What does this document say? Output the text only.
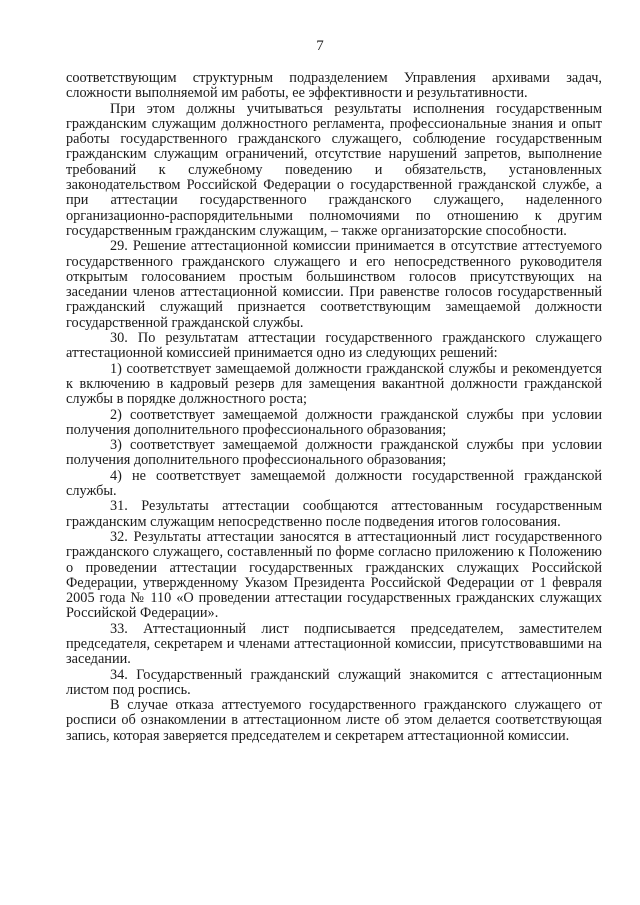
7

соответствующим структурным подразделением Управления архивами задач, сложности выполняемой им работы, ее эффективности и результативности.

При этом должны учитываться результаты исполнения государственным гражданским служащим должностного регламента, профессиональные знания и опыт работы государственного гражданского служащего, соблюдение государственным гражданским служащим ограничений, отсутствие нарушений запретов, выполнение требований к служебному поведению и обязательств, установленных законодательством Российской Федерации о государственной гражданской службе, а при аттестации государственного гражданского служащего, наделенного организационно-распорядительными полномочиями по отношению к другим государственным гражданским служащим, – также организаторские способности.

29. Решение аттестационной комиссии принимается в отсутствие аттестуемого государственного гражданского служащего и его непосредственного руководителя открытым голосованием простым большинством голосов присутствующих на заседании членов аттестационной комиссии. При равенстве голосов государственный гражданский служащий признается соответствующим замещаемой должности государственной гражданской службы.

30. По результатам аттестации государственного гражданского служащего аттестационной комиссией принимается одно из следующих решений:

1) соответствует замещаемой должности гражданской службы и рекомендуется к включению в кадровый резерв для замещения вакантной должности гражданской службы в порядке должностного роста;

2) соответствует замещаемой должности гражданской службы при условии получения дополнительного профессионального образования;

3) соответствует замещаемой должности гражданской службы при условии получения дополнительного профессионального образования;

4) не соответствует замещаемой должности государственной гражданской службы.

31. Результаты аттестации сообщаются аттестованным государственным гражданским служащим непосредственно после подведения итогов голосования.

32. Результаты аттестации заносятся в аттестационный лист государственного гражданского служащего, составленный по форме согласно приложению к Положению о проведении аттестации государственных гражданских служащих Российской Федерации, утвержденному Указом Президента Российской Федерации от 1 февраля 2005 года № 110 «О проведении аттестации государственных гражданских служащих Российской Федерации».

33. Аттестационный лист подписывается председателем, заместителем председателя, секретарем и членами аттестационной комиссии, присутствовавшими на заседании.

34. Государственный гражданский служащий знакомится с аттестационным листом под роспись.

В случае отказа аттестуемого государственного гражданского служащего от росписи об ознакомлении в аттестационном листе об этом делается соответствующая запись, которая заверяется председателем и секретарем аттестационной комиссии.
